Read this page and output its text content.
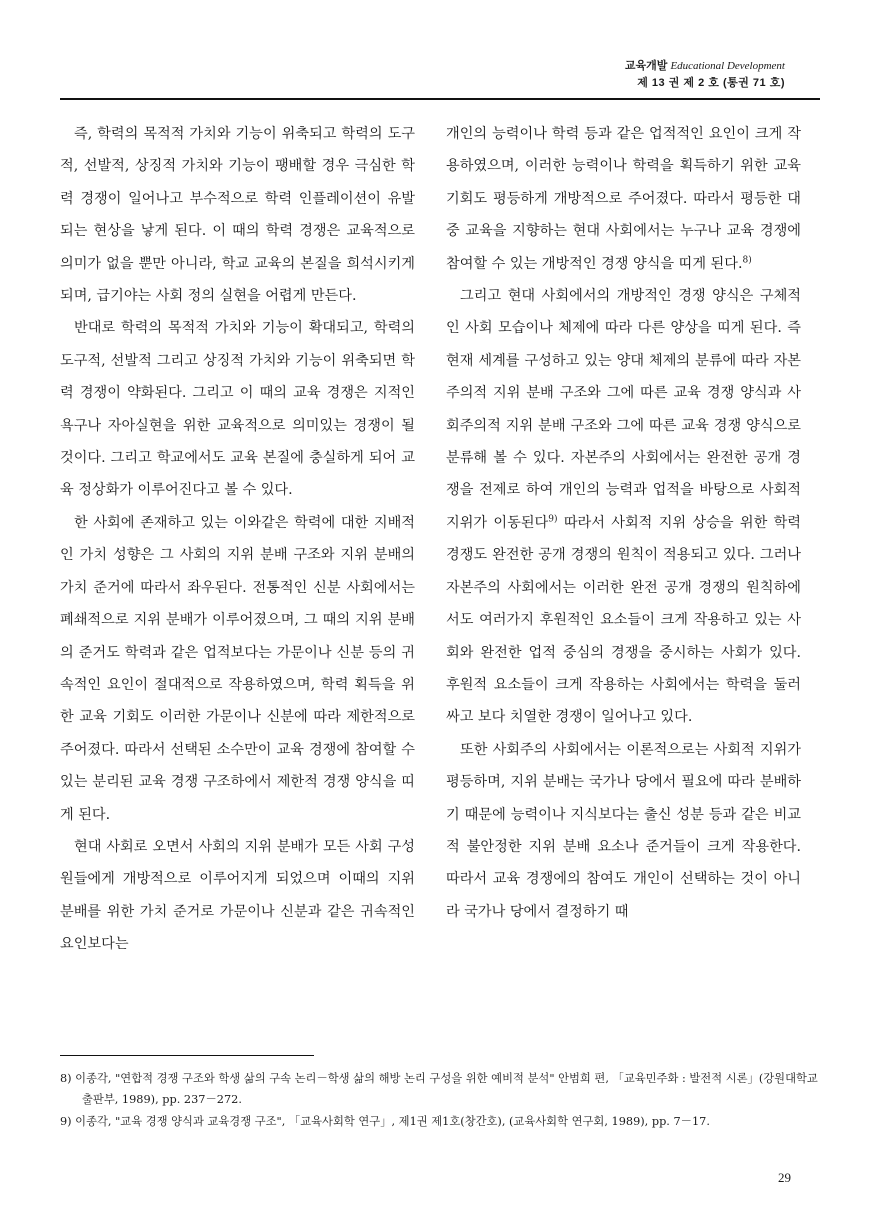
교육개발 Educational Development
제 13 권 제 2 호 (통권 71 호)

즉, 학력의 목적적 가치와 기능이 위축되고 학력의 도구적, 선발적, 상징적 가치와 기능이 팽배할 경우 극심한 학력 경쟁이 일어나고 부수적으로 학력 인플레이션이 유발되는 현상을 낳게 된다. 이 때의 학력 경쟁은 교육적으로 의미가 없을 뿐만 아니라, 학교 교육의 본질을 희석시키게 되며, 급기야는 사회 정의 실현을 어렵게 만든다.

반대로 학력의 목적적 가치와 기능이 확대되고, 학력의 도구적, 선발적 그리고 상징적 가치와 기능이 위축되면 학력 경쟁이 약화된다. 그리고 이 때의 교육 경쟁은 지적인 욕구나 자아실현을 위한 교육적으로 의미있는 경쟁이 될 것이다. 그리고 학교에서도 교육 본질에 충실하게 되어 교육 정상화가 이루어진다고 볼 수 있다.

한 사회에 존재하고 있는 이와같은 학력에 대한 지배적인 가치 성향은 그 사회의 지위 분배 구조와 지위 분배의 가치 준거에 따라서 좌우된다. 전통적인 신분 사회에서는 폐쇄적으로 지위 분배가 이루어졌으며, 그 때의 지위 분배의 준거도 학력과 같은 업적보다는 가문이나 신분 등의 귀속적인 요인이 절대적으로 작용하였으며, 학력 획득을 위한 교육 기회도 이러한 가문이나 신분에 따라 제한적으로 주어졌다. 따라서 선택된 소수만이 교육 경쟁에 참여할 수 있는 분리된 교육 경쟁 구조하에서 제한적 경쟁 양식을 띠게 된다.

현대 사회로 오면서 사회의 지위 분배가 모든 사회 구성원들에게 개방적으로 이루어지게 되었으며 이때의 지위 분배를 위한 가치 준거로 가문이나 신분과 같은 귀속적인 요인보다는

개인의 능력이나 학력 등과 같은 업적적인 요인이 크게 작용하였으며, 이러한 능력이나 학력을 획득하기 위한 교육 기회도 평등하게 개방적으로 주어졌다. 따라서 평등한 대중 교육을 지향하는 현대 사회에서는 누구나 교육 경쟁에 참여할 수 있는 개방적인 경쟁 양식을 띠게 된다.$^{8)}$

그리고 현대 사회에서의 개방적인 경쟁 양식은 구체적인 사회 모습이나 체제에 따라 다른 양상을 띠게 된다. 즉 현재 세계를 구성하고 있는 양대 체제의 분류에 따라 자본주의적 지위 분배 구조와 그에 따른 교육 경쟁 양식과 사회주의적 지위 분배 구조와 그에 따른 교육 경쟁 양식으로 분류해 볼 수 있다. 자본주의 사회에서는 완전한 공개 경쟁을 전제로 하여 개인의 능력과 업적을 바탕으로 사회적 지위가 이동된다$^{9)}$ 따라서 사회적 지위 상승을 위한 학력 경쟁도 완전한 공개 경쟁의 원칙이 적용되고 있다. 그러나 자본주의 사회에서는 이러한 완전 공개 경쟁의 원칙하에서도 여러가지 후원적인 요소들이 크게 작용하고 있는 사회와 완전한 업적 중심의 경쟁을 중시하는 사회가 있다. 후원적 요소들이 크게 작용하는 사회에서는 학력을 둘러싸고 보다 치열한 경쟁이 일어나고 있다.

또한 사회주의 사회에서는 이론적으로는 사회적 지위가 평등하며, 지위 분배는 국가나 당에서 필요에 따라 분배하기 때문에 능력이나 지식보다는 출신 성분 등과 같은 비교적 불안정한 지위 분배 요소나 준거들이 크게 작용한다. 따라서 교육 경쟁에의 참여도 개인이 선택하는 것이 아니라 국가나 당에서 결정하기 때

8) 이종각, "연합적 경쟁 구조와 학생 삶의 구속 논리－학생 삶의 해방 논리 구성을 위한 예비적 분석" 안범희 편, 「교육민주화 : 발전적 시론」(강원대학교 출판부, 1989), pp. 237－272.

9) 이종각, "교육 경쟁 양식과 교육경쟁 구조", 「교육사회학 연구」, 제1권 제1호(창간호), (교육사회학 연구회, 1989), pp. 7－17.

29
